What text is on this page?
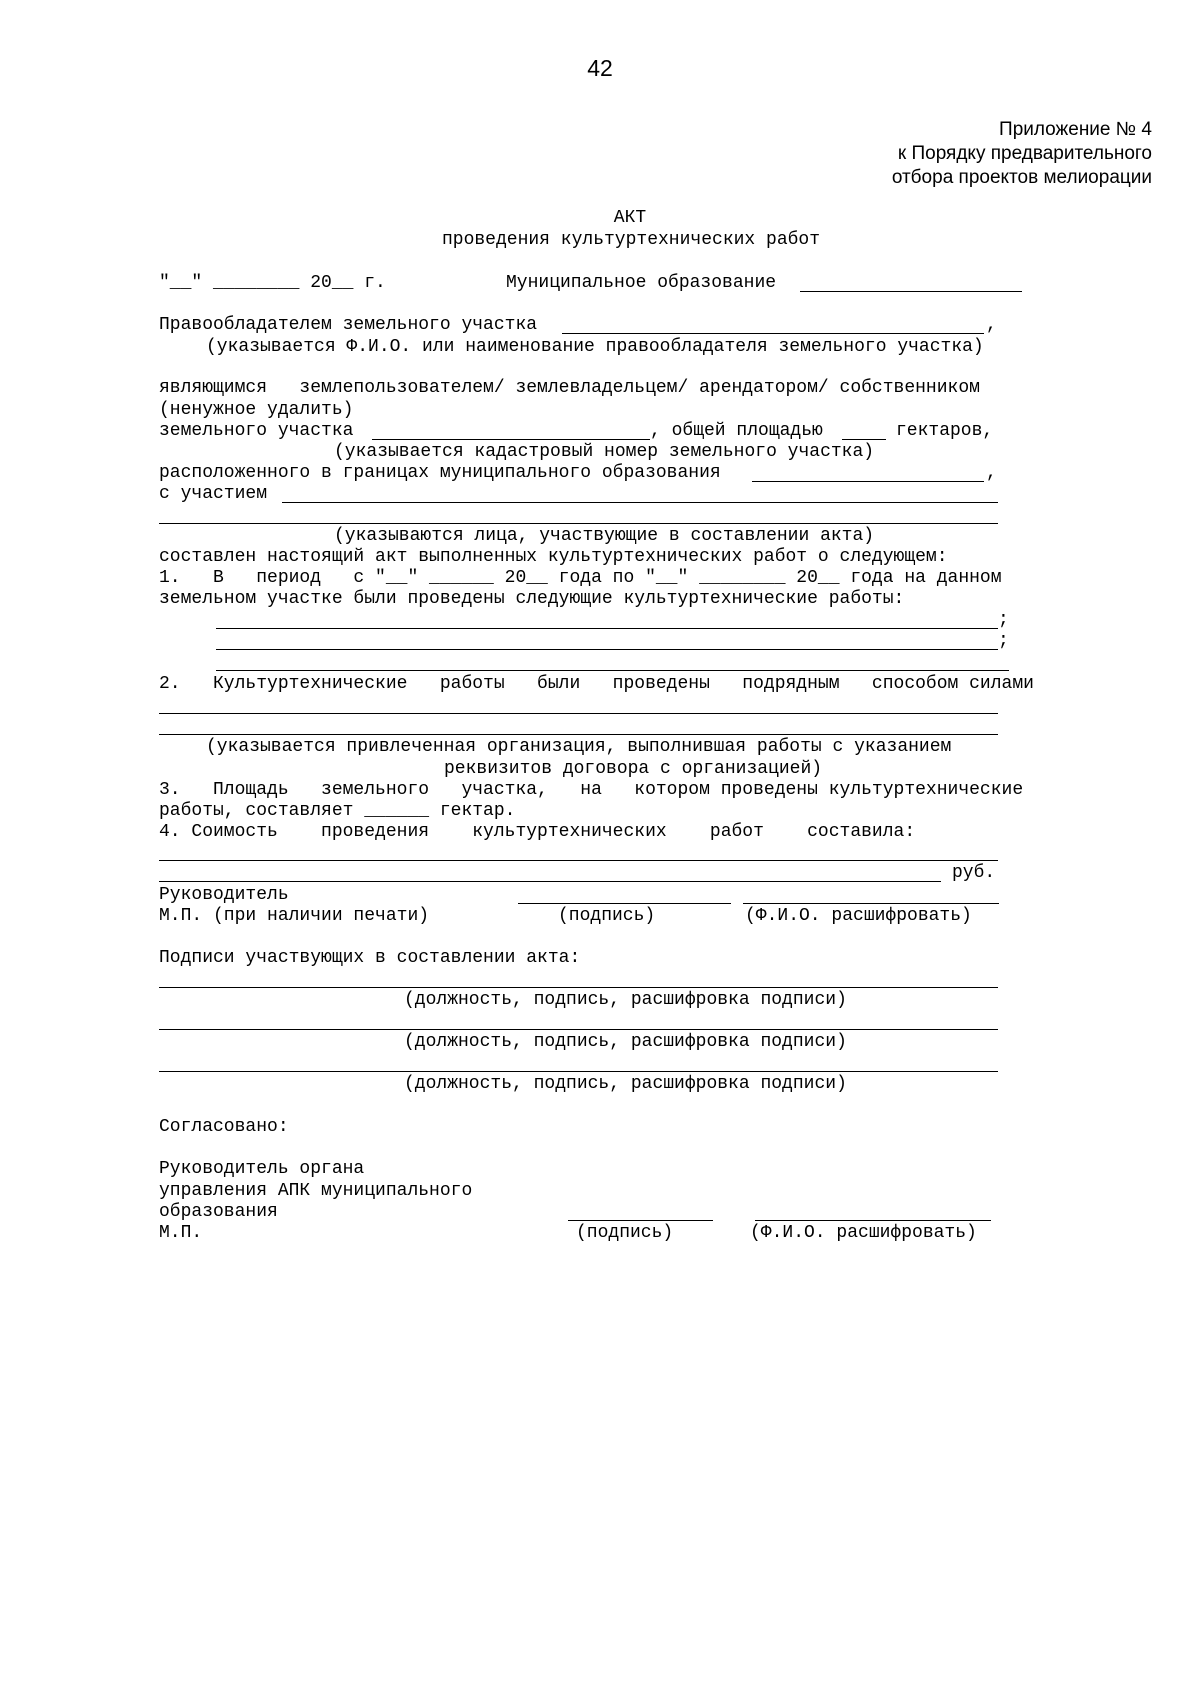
42
Приложение № 4
к Порядку предварительного
отбора проектов мелиорации
АКТ
проведения культуртехнических работ
"__" ________ 20__ г.	Муниципальное образование
Правообладателем земельного участка	,
(указывается Ф.И.О. или наименование правообладателя земельного участка)
являющимся   землепользователем/ землевладельцем/ арендатором/ собственником
(ненужное удалить)
земельного участка	, общей площадью	гектаров,
(указывается кадастровый номер земельного участка)
расположенного в границах муниципального образования	,
с участием
(указываются лица, участвующие в составлении акта)
составлен настоящий акт выполненных культуртехнических работ о следующем:
1.   В   период   с "__" ______ 20__ года по "__" ________ 20__ года на данном
земельном участке были проведены следующие культуртехнические работы:
;
;
2.   Культуртехнические   работы   были   проведены   подрядным   способом силами
(указывается привлеченная организация, выполнившая работы с указанием
реквизитов договора с организацией)
3.   Площадь   земельного   участка,   на   котором проведены культуртехнические
работы, составляет ______ гектар.
4. Соимость    проведения    культуртехнических    работ    составила:
руб.
Руководитель
М.П. (при наличии печати)	(подпись)	(Ф.И.О. расшифровать)
Подписи участвующих в составлении акта:
(должность, подпись, расшифровка подписи)
(должность, подпись, расшифровка подписи)
(должность, подпись, расшифровка подписи)
Согласовано:
Руководитель органа
управления АПК муниципального
образования
М.П.	(подпись)	(Ф.И.О. расшифровать)
